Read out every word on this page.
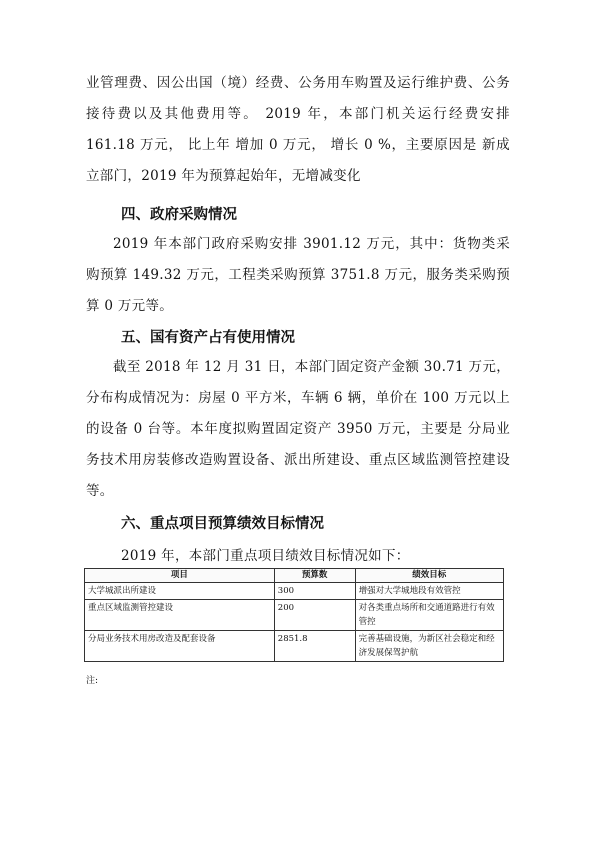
业管理费、因公出国（境）经费、公务用车购置及运行维护费、公务接待费以及其他费用等。 2019 年，本部门机关运行经费安排 161.18 万元， 比上年 增加 0 万元， 增长 0 %，主要原因是 新成立部门，2019 年为预算起始年，无增减变化

四、政府采购情况

2019 年本部门政府采购安排 3901.12 万元，其中：货物类采购预算 149.32 万元，工程类采购预算 3751.8 万元，服务类采购预算 0 万元等。

五、国有资产占有使用情况

截至 2018 年 12 月 31 日，本部门固定资产金额 30.71 万元，分布构成情况为：房屋 0 平方米，车辆 6 辆，单价在 100 万元以上的设备 0 台等。本年度拟购置固定资产 3950 万元，主要是 分局业务技术用房装修改造购置设备、派出所建设、重点区域监测管控建设 等。

六、重点项目预算绩效目标情况

2019 年，本部门重点项目绩效目标情况如下：

项目	预算数	绩效目标
大学城派出所建设	300	增强对大学城地段有效管控
重点区域监测管控建设	200	对各类重点场所和交通道路进行有效管控
分局业务技术用房改造及配套设备	2851.8	完善基础设施，为新区社会稳定和经济发展保驾护航

注:
